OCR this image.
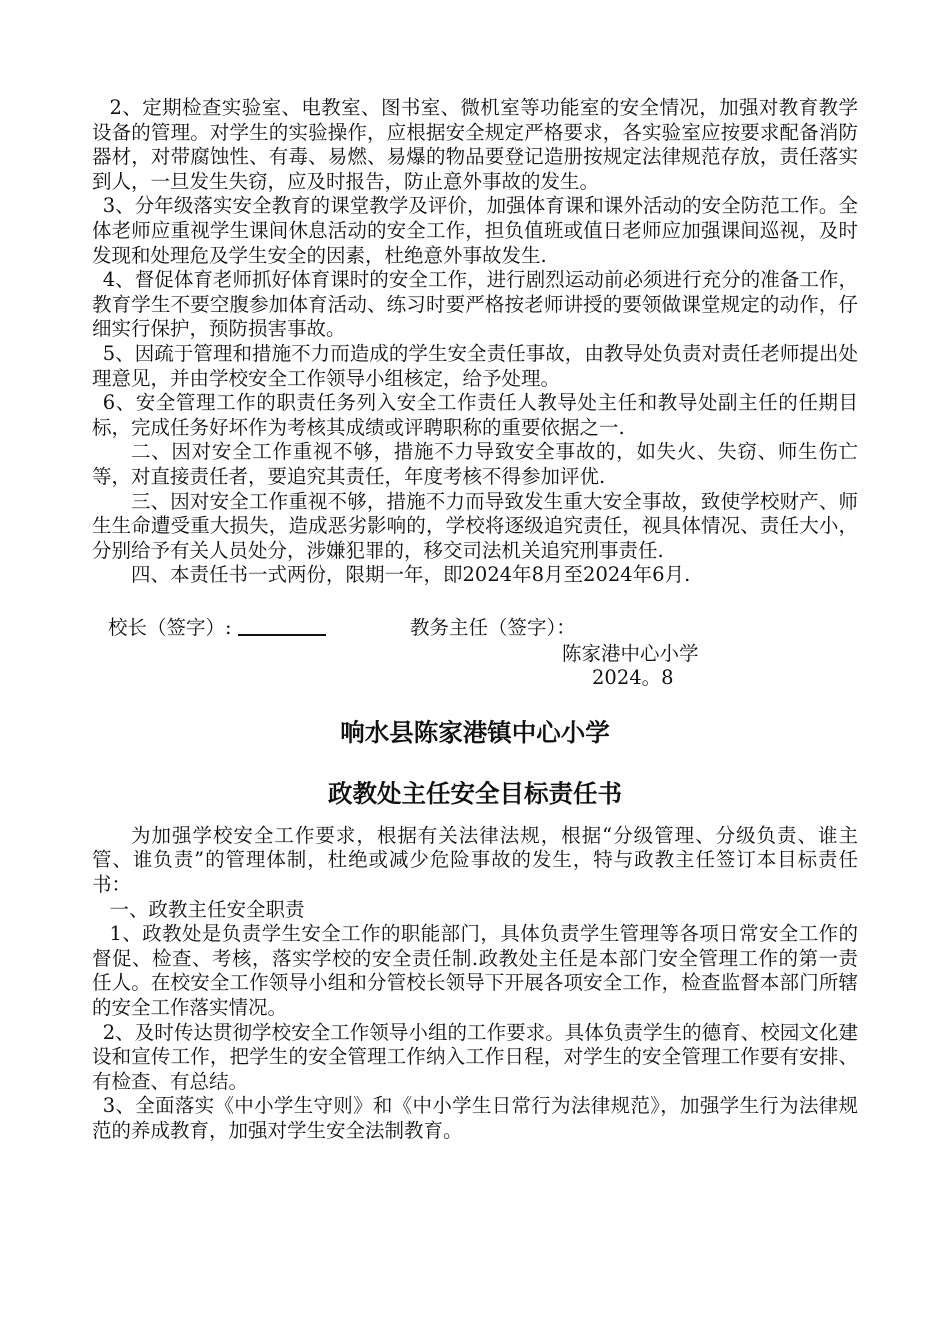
2、定期检查实验室、电教室、图书室、微机室等功能室的安全情况，加强对教育教学设备的管理。对学生的实验操作，应根据安全规定严格要求，各实验室应按要求配备消防器材，对带腐蚀性、有毒、易燃、易爆的物品要登记造册按规定法律规范存放，责任落实到人，一旦发生失窃，应及时报告，防止意外事故的发生。

3、分年级落实安全教育的课堂教学及评价，加强体育课和课外活动的安全防范工作。全体老师应重视学生课间休息活动的安全工作，担负值班或值日老师应加强课间巡视，及时发现和处理危及学生安全的因素，杜绝意外事故发生.

4、督促体育老师抓好体育课时的安全工作，进行剧烈运动前必须进行充分的准备工作，教育学生不要空腹参加体育活动、练习时要严格按老师讲授的要领做课堂规定的动作，仔细实行保护，预防损害事故。

5、因疏于管理和措施不力而造成的学生安全责任事故，由教导处负责对责任老师提出处理意见，并由学校安全工作领导小组核定，给予处理。

6、安全管理工作的职责任务列入安全工作责任人教导处主任和教导处副主任的任期目标，完成任务好坏作为考核其成绩或评聘职称的重要依据之一.

二、因对安全工作重视不够，措施不力导致安全事故的，如失火、失窃、师生伤亡等，对直接责任者，要追究其责任，年度考核不得参加评优.

三、因对安全工作重视不够，措施不力而导致发生重大安全事故，致使学校财产、师生生命遭受重大损失，造成恶劣影响的，学校将逐级追究责任，视具体情况、责任大小，分别给予有关人员处分，涉嫌犯罪的，移交司法机关追究刑事责任.

四、本责任书一式两份，限期一年，即2024年8月至2024年6月.

校长（签字）:	教务主任（签字）：
陈家港中心小学
2024。8
响水县陈家港镇中心小学
政教处主任安全目标责任书

为加强学校安全工作要求，根据有关法律法规，根据“分级管理、分级负责、谁主管、谁负责”的管理体制，杜绝或减少危险事故的发生，特与政教主任签订本目标责任书：

一、政教主任安全职责

1、政教处是负责学生安全工作的职能部门，具体负责学生管理等各项日常安全工作的督促、检查、考核，落实学校的安全责任制.政教处主任是本部门安全管理工作的第一责任人。在校安全工作领导小组和分管校长领导下开展各项安全工作，检查监督本部门所辖的安全工作落实情况。

2、及时传达贯彻学校安全工作领导小组的工作要求。具体负责学生的德育、校园文化建设和宣传工作，把学生的安全管理工作纳入工作日程，对学生的安全管理工作要有安排、有检查、有总结。

3、全面落实《中小学生守则》和《中小学生日常行为法律规范》，加强学生行为法律规范的养成教育，加强对学生安全法制教育。
